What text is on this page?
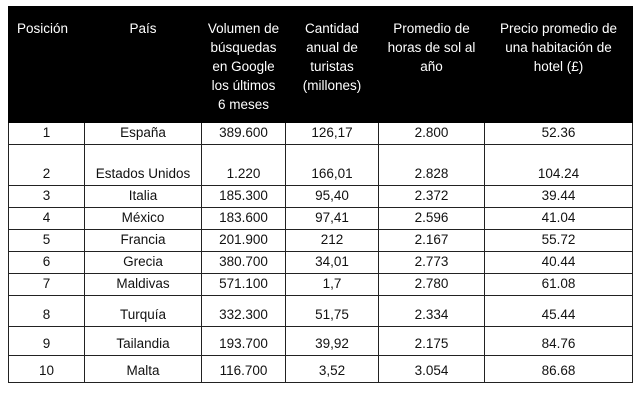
Posición	País	Volumen de búsquedas en Google los últimos 6 meses	Cantidad anual de turistas (millones)	Promedio de horas de sol al año	Precio promedio de una habitación de hotel (£)
1	España	389.600	126,17	2.800	52.36
2	Estados Unidos	1.220	166,01	2.828	104.24
3	Italia	185.300	95,40	2.372	39.44
4	México	183.600	97,41	2.596	41.04
5	Francia	201.900	212	2.167	55.72
6	Grecia	380.700	34,01	2.773	40.44
7	Maldivas	571.100	1,7	2.780	61.08
8	Turquía	332.300	51,75	2.334	45.44
9	Tailandia	193.700	39,92	2.175	84.76
10	Malta	116.700	3,52	3.054	86.68
